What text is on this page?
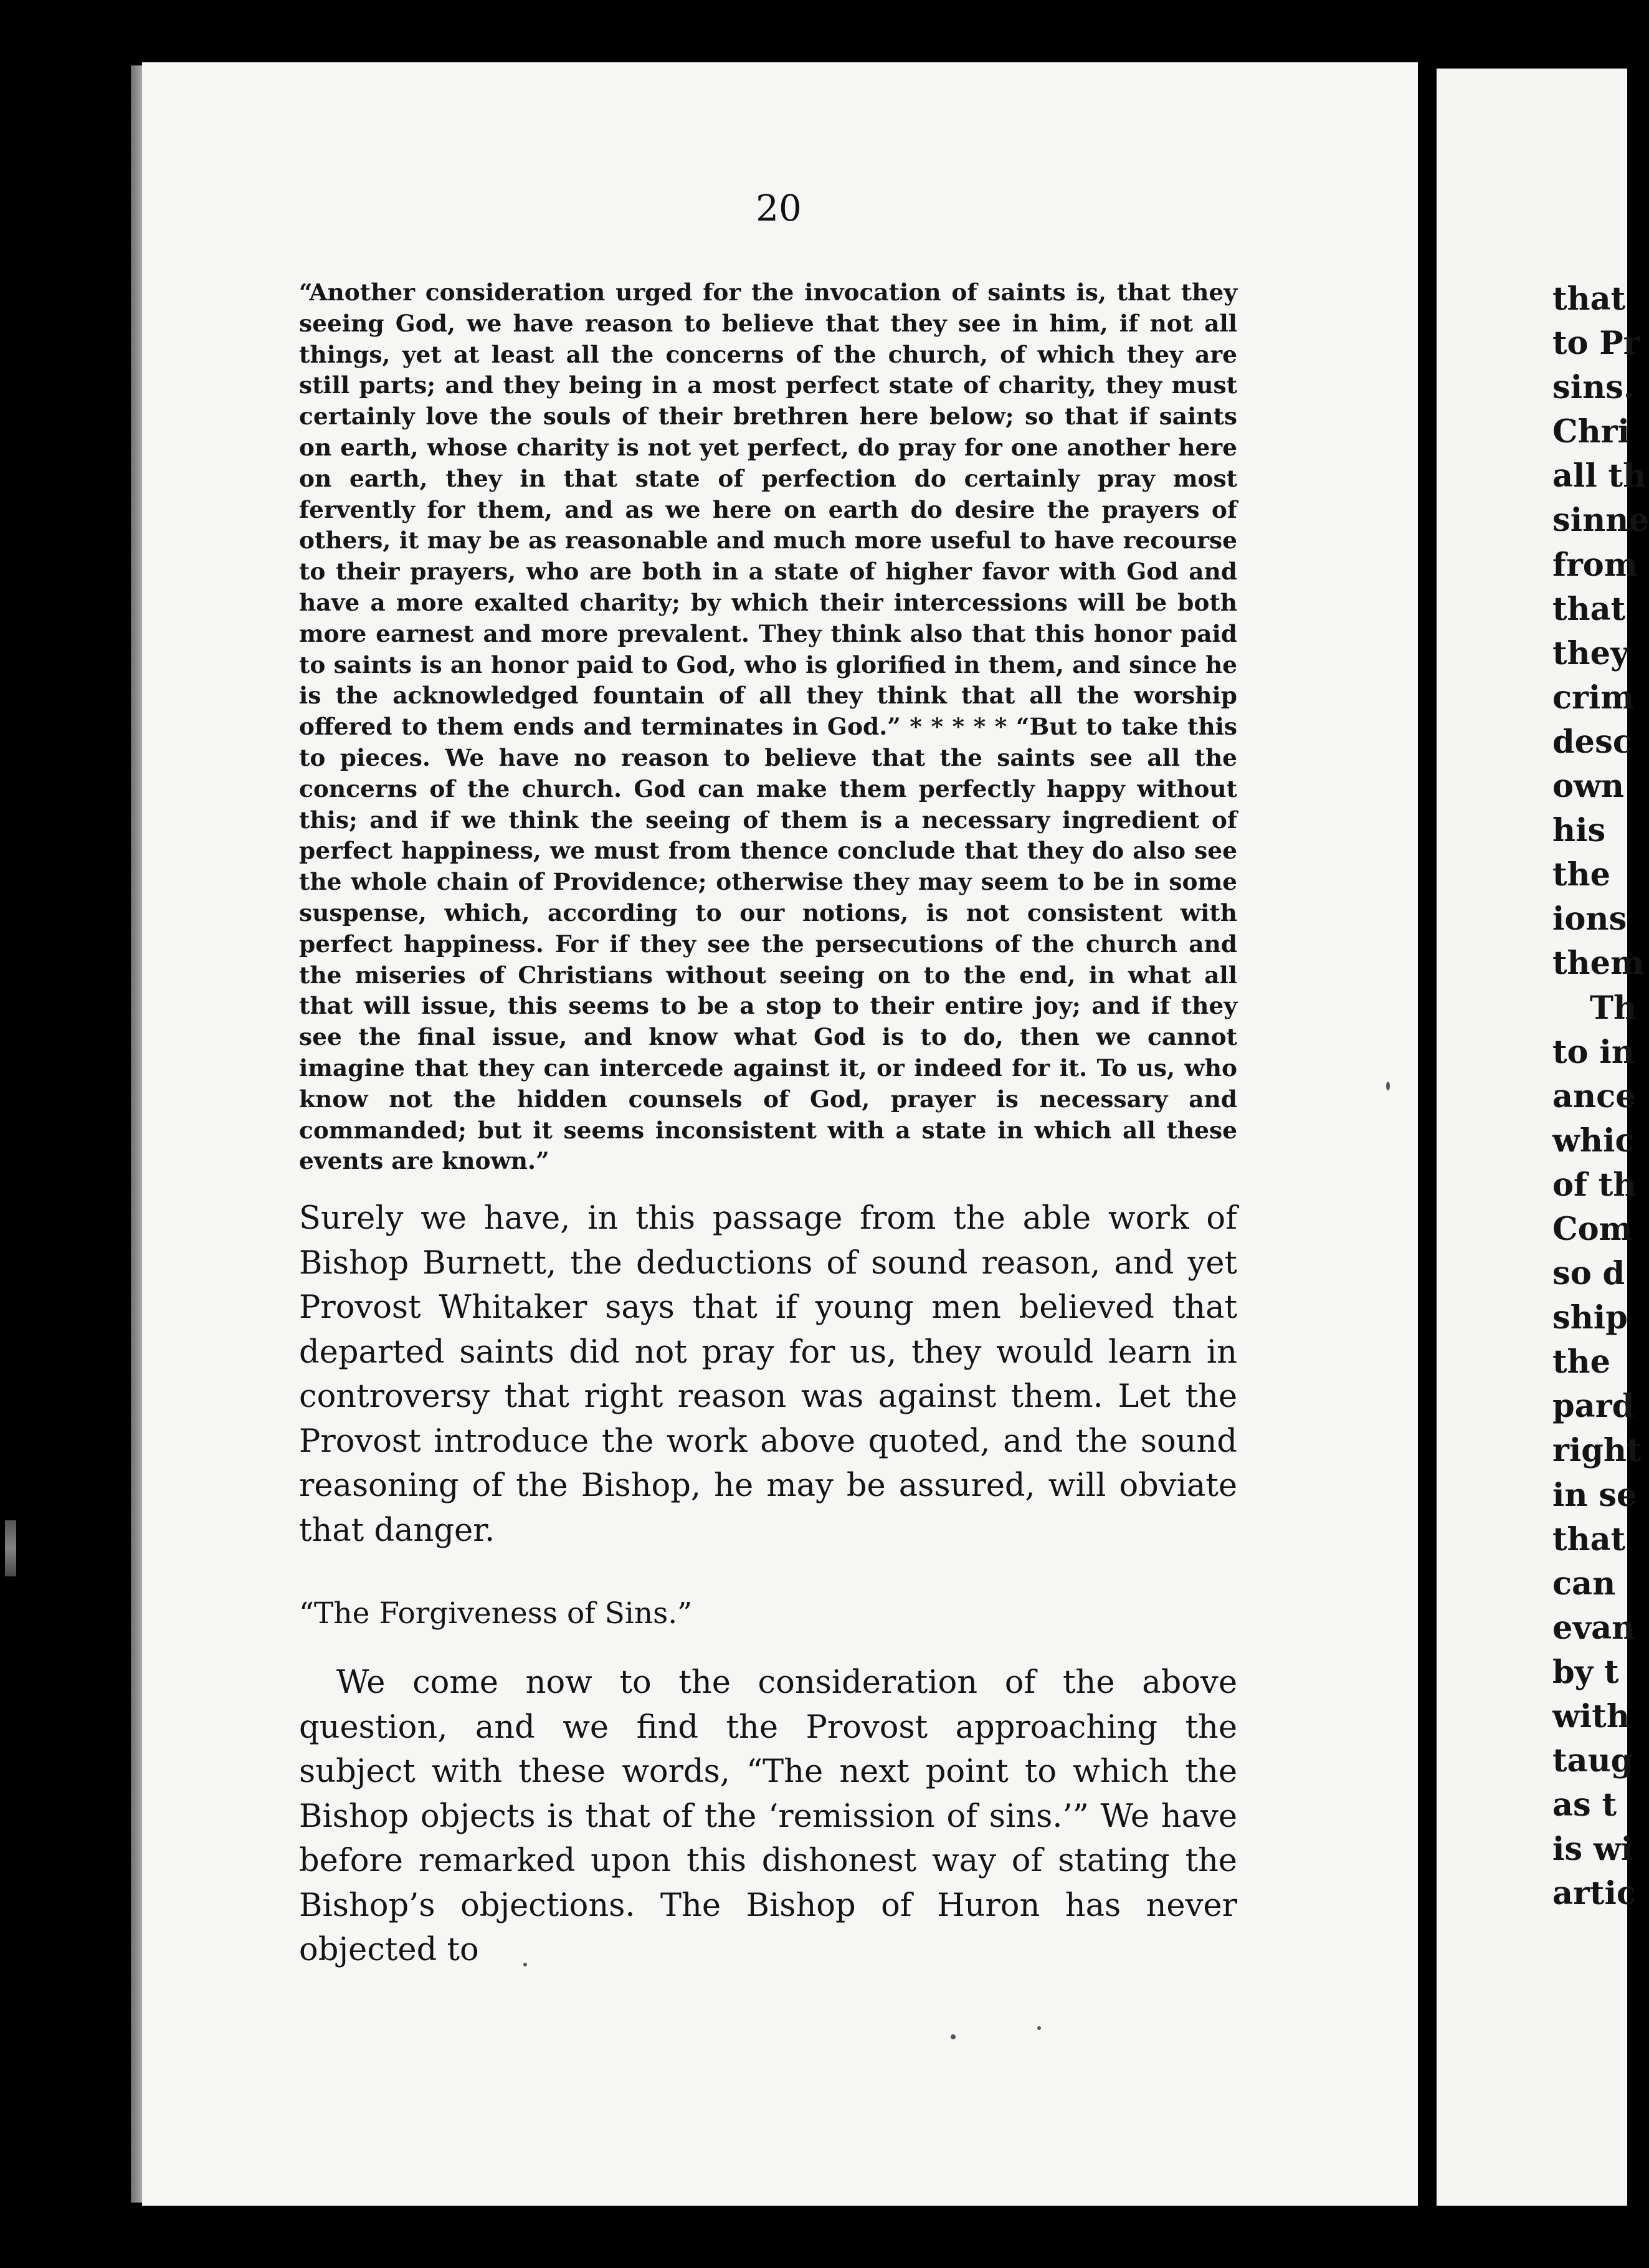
20

“Another consideration urged for the invocation of saints is, that they seeing God, we have reason to believe that they see in him, if not all things, yet at least all the concerns of the church, of which they are still parts; and they being in a most perfect state of charity, they must certainly love the souls of their brethren here below; so that if saints on earth, whose charity is not yet perfect, do pray for one another here on earth, they in that state of perfection do certainly pray most fervently for them, and as we here on earth do desire the prayers of others, it may be as reasonable and much more useful to have recourse to their prayers, who are both in a state of higher favor with God and have a more exalted charity; by which their intercessions will be both more earnest and more prevalent. They think also that this honor paid to saints is an honor paid to God, who is glorified in them, and since he is the acknowledged fountain of all they think that all the worship offered to them ends and terminates in God.” * * * * * “But to take this to pieces. We have no reason to believe that the saints see all the concerns of the church. God can make them perfectly happy without this; and if we think the seeing of them is a necessary ingredient of perfect happiness, we must from thence conclude that they do also see the whole chain of Providence; otherwise they may seem to be in some suspense, which, according to our notions, is not consistent with perfect happiness. For if they see the persecutions of the church and the miseries of Christians without seeing on to the end, in what all that will issue, this seems to be a stop to their entire joy; and if they see the final issue, and know what God is to do, then we cannot imagine that they can intercede against it, or indeed for it. To us, who know not the hidden counsels of God, prayer is necessary and commanded; but it seems inconsistent with a state in which all these events are known.”

Surely we have, in this passage from the able work of Bishop Burnett, the deductions of sound reason, and yet Provost Whitaker says that if young men believed that departed saints did not pray for us, they would learn in controversy that right reason was against them. Let the Provost introduce the work above quoted, and the sound reasoning of the Bishop, he may be assured, will obviate that danger.

“The Forgiveness of Sins.”

We come now to the consideration of the above question, and we find the Provost approaching the subject with these words, “The next point to which the Bishop objects is that of the ‘remission of sins.’” We have before remarked upon this dishonest way of stating the Bishop’s objections. The Bishop of Huron has never objected to

that
to Pr
sins.
Chri
all th
sinne
from
that
they
crim
desc
own
his
the
ions
them
Th
to in
ance
whic
of th
Com
so d
ship
the
pard
right
in se
that
can
evan
by t
with
taug
as t
is wi
artic
